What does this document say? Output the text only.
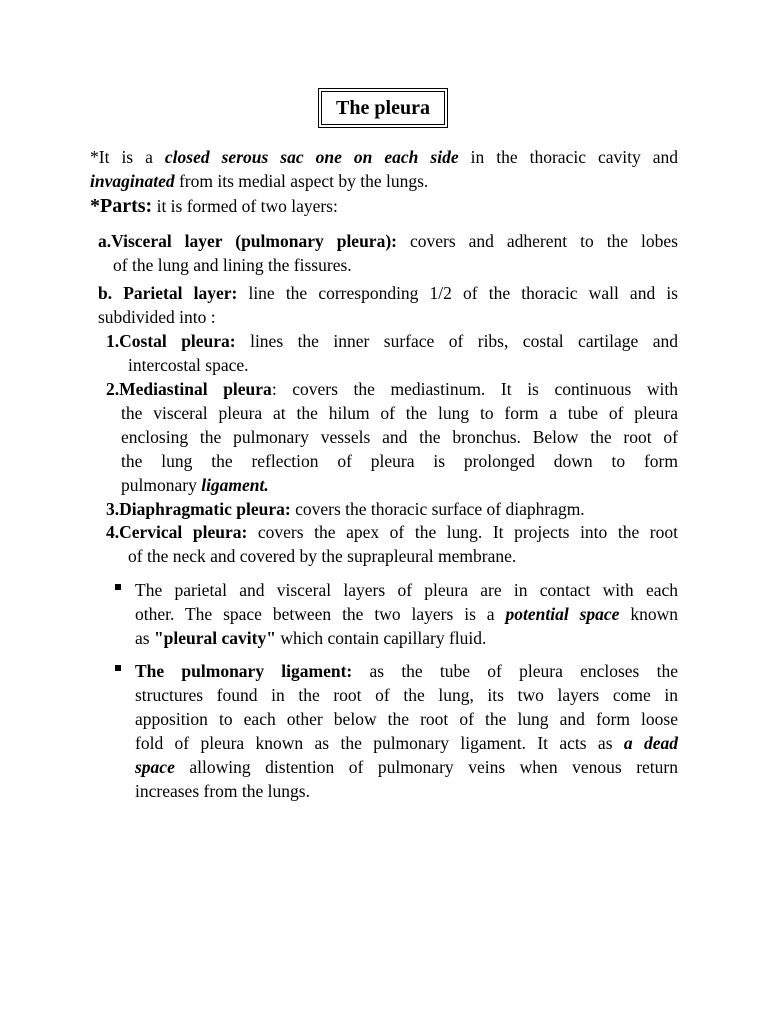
The pleura
*It is a closed serous sac one on each side in the thoracic cavity and
invaginated from its medial aspect by the lungs.
*Parts: it is formed of two layers:
a.Visceral layer (pulmonary pleura): covers and adherent to the lobes
of the lung and lining the fissures.
b. Parietal layer: line the corresponding 1/2 of the thoracic wall and is
subdivided into :
1.Costal pleura: lines the inner surface of ribs, costal cartilage and
intercostal space.
2.Mediastinal pleura: covers the mediastinum. It is continuous with
the visceral pleura at the hilum of the lung to form a tube of pleura
enclosing the pulmonary vessels and the bronchus. Below the root of
the lung the reflection of pleura is prolonged down to form
pulmonary ligament.
3.Diaphragmatic pleura: covers the thoracic surface of diaphragm.
4.Cervical pleura: covers the apex of the lung. It projects into the root
of the neck and covered by the suprapleural membrane.
The parietal and visceral layers of pleura are in contact with each
other. The space between the two layers is a potential space known
as "pleural cavity" which contain capillary fluid.
The pulmonary ligament: as the tube of pleura encloses the
structures found in the root of the lung, its two layers come in
apposition to each other below the root of the lung and form loose
fold of pleura known as the pulmonary ligament. It acts as a dead
space allowing distention of pulmonary veins when venous return
increases from the lungs.
